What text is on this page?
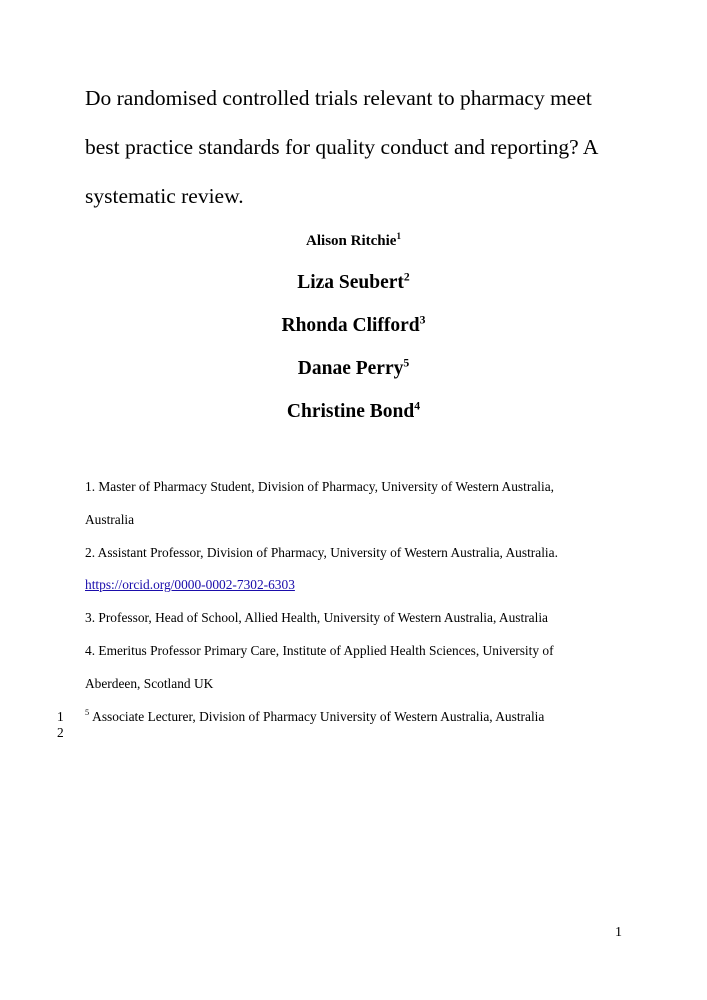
Do randomised controlled trials relevant to pharmacy meet
best practice standards for quality conduct and reporting? A
systematic review.
Alison Ritchie$^1$
Liza Seubert$^2$
Rhonda Clifford$^3$
Danae Perry$^5$
Christine Bond$^4$
1. Master of Pharmacy Student, Division of Pharmacy, University of Western Australia,
Australia
2. Assistant Professor, Division of Pharmacy, University of Western Australia, Australia.
https://orcid.org/0000-0002-7302-6303
3. Professor, Head of School, Allied Health, University of Western Australia, Australia
4. Emeritus Professor Primary Care, Institute of Applied Health Sciences, University of
Aberdeen, Scotland UK
$^5$ Associate Lecturer, Division of Pharmacy University of Western Australia, Australia
1
2
1
